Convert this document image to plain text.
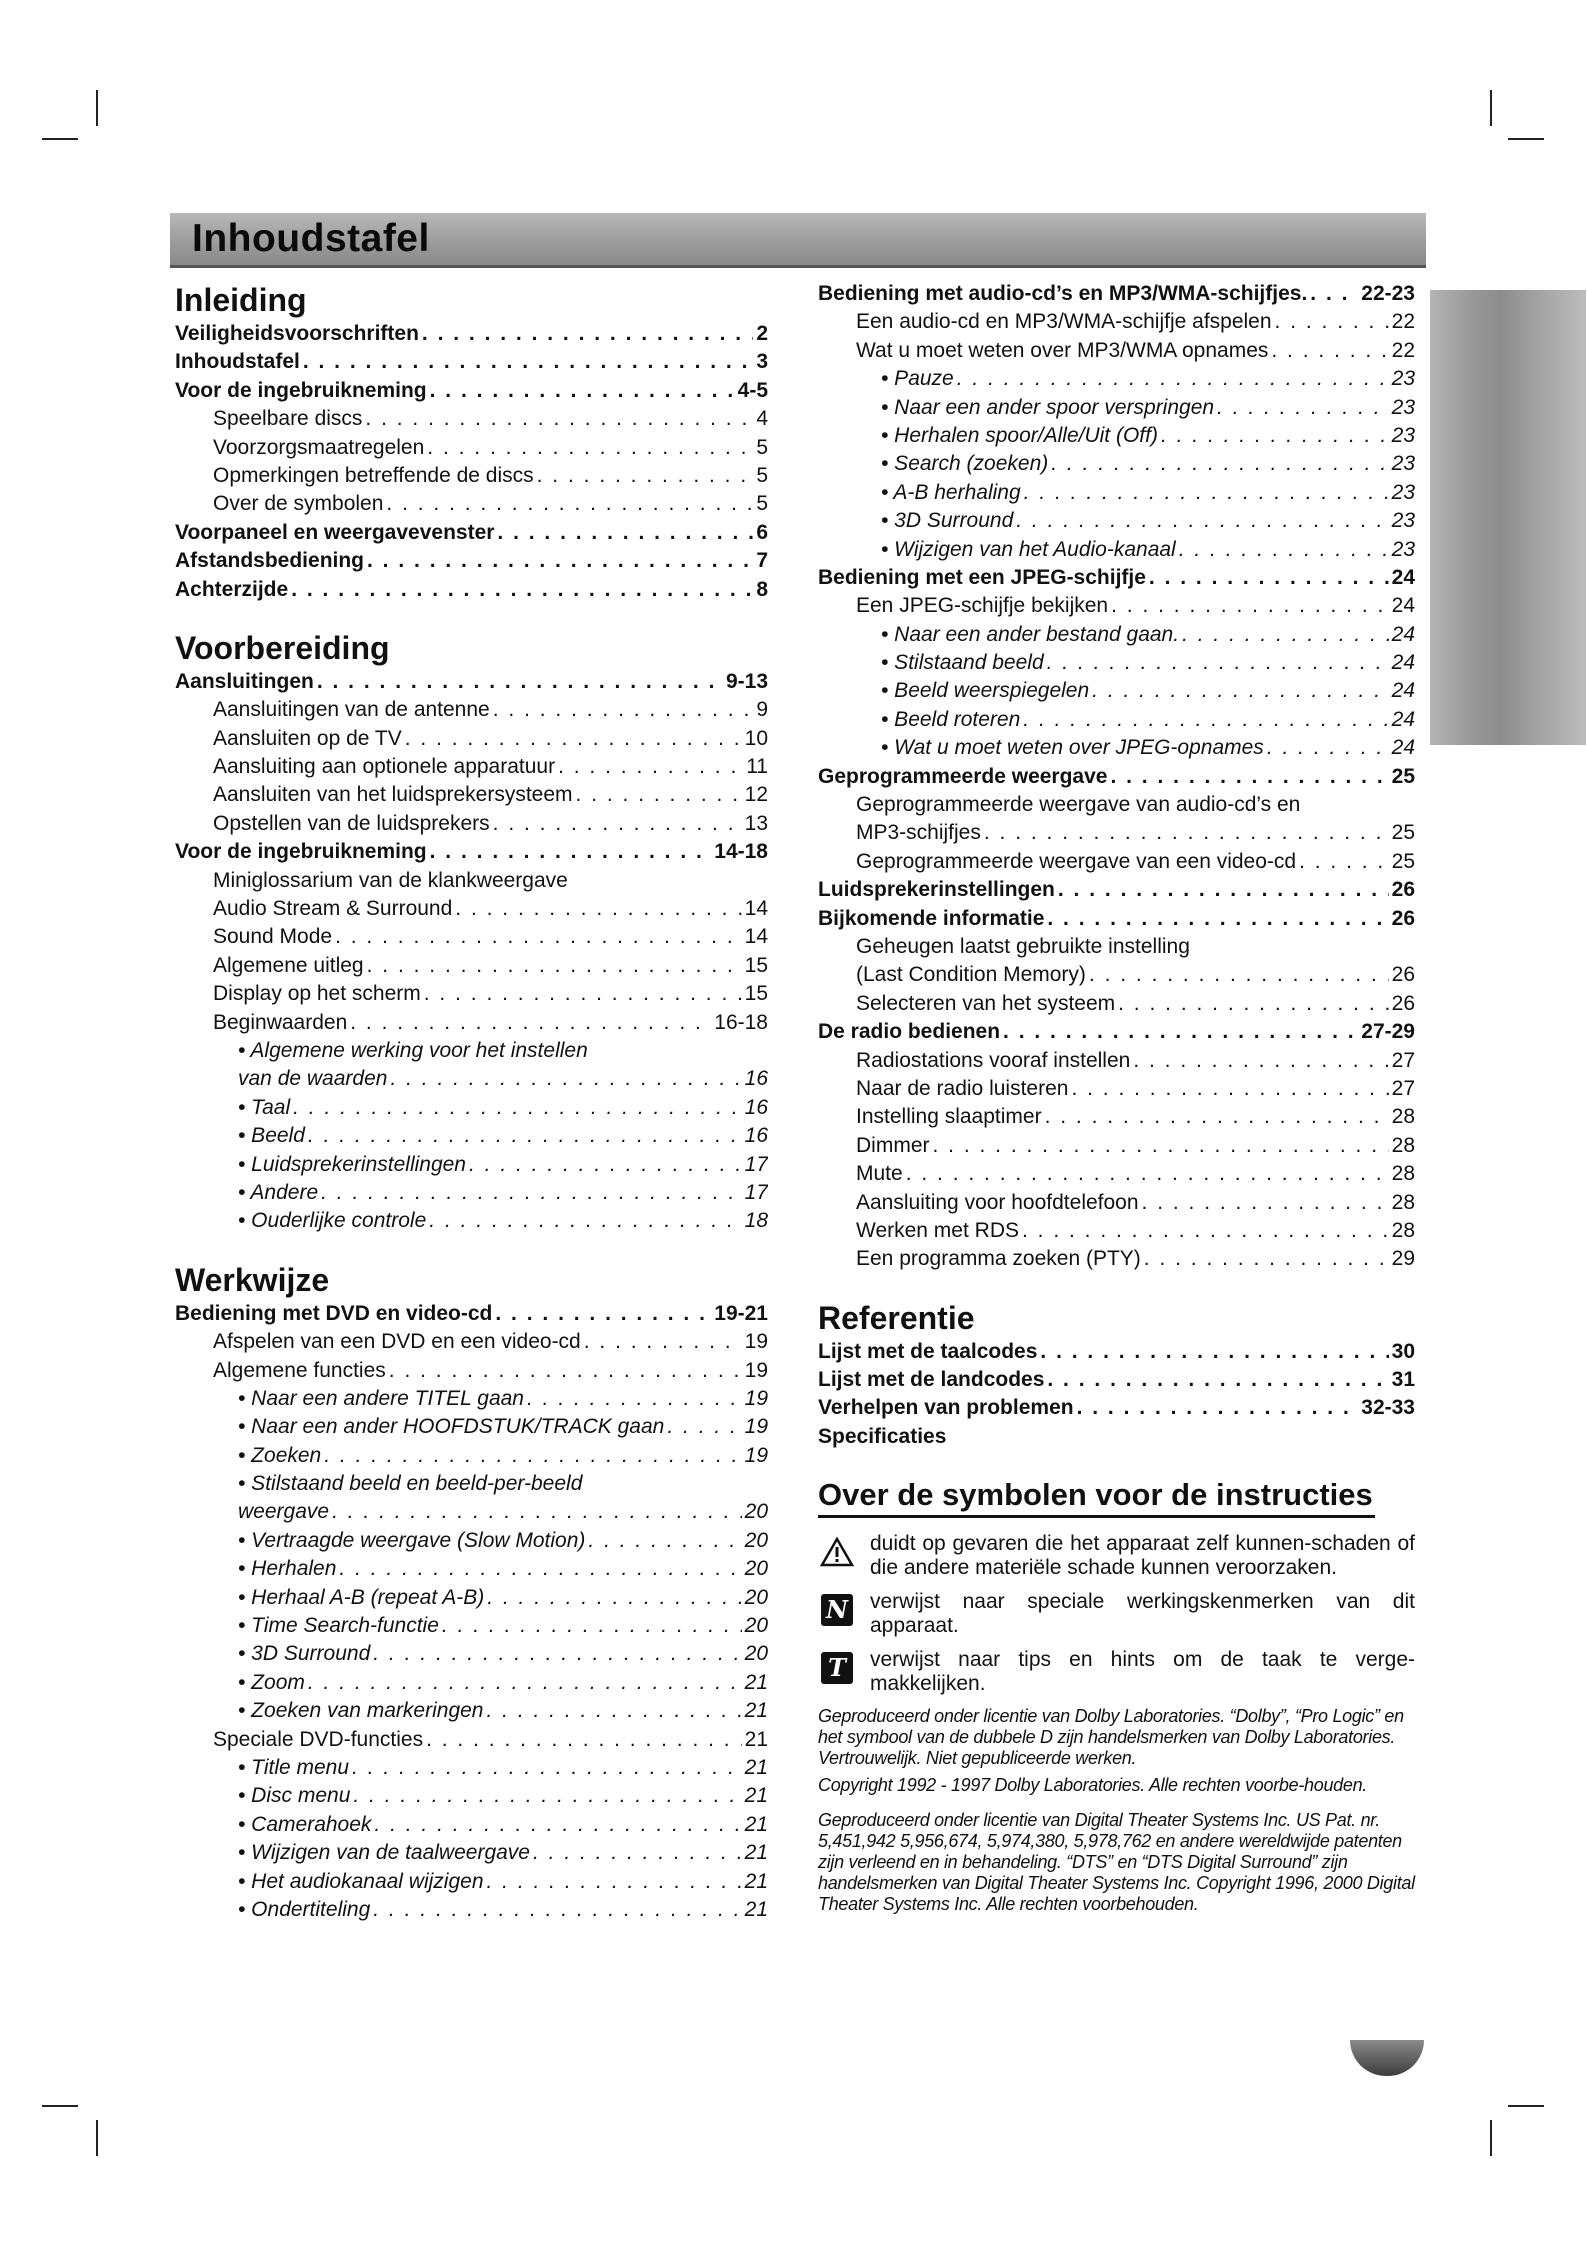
Inhoudstafel
Inleiding
Veiligheidsvoorschriften . . .	2
Inhoudstafel . . .	3
Voor de ingebruikneming . . .	4-5
Speelbare discs . . .	4
Voorzorgsmaatregelen . . .	5
Opmerkingen betreffende de discs . . .	5
Over de symbolen . . .	5
Voorpaneel en weergavevenster . . .	6
Afstandsbediening . . .	7
Achterzijde . . .	8
Voorbereiding
Aansluitingen . . .	9-13
Aansluitingen van de antenne . . .	9
Aansluiten op de TV . . .	10
Aansluiting aan optionele apparatuur . . .	11
Aansluiten van het luidsprekersysteem . . .	12
Opstellen van de luidsprekers . . .	13
Voor de ingebruikneming . . .	14-18
Miniglossarium van de klankweergave
Audio Stream & Surround . . .	14
Sound Mode . . .	14
Algemene uitleg . . .	15
Display op het scherm . . .	15
Beginwaarden . . .	16-18
• Algemene werking voor het instellen
van de waarden . . .	16
• Taal . . .	16
• Beeld . . .	16
• Luidsprekerinstellingen . . .	17
• Andere . . .	17
• Ouderlijke controle . . .	18
Werkwijze
Bediening met DVD en video-cd . . .	19-21
Afspelen van een DVD en een video-cd . . .	19
Algemene functies . . .	19
• Naar een andere TITEL gaan . . .	19
• Naar een ander HOOFDSTUK/TRACK gaan . . .	19
• Zoeken . . .	19
• Stilstaand beeld en beeld-per-beeld
weergave . . .	20
• Vertraagde weergave (Slow Motion) . . .	20
• Herhalen . . .	20
• Herhaal A-B (repeat A-B) . . .	20
• Time Search-functie . . .	20
• 3D Surround . . .	20
• Zoom . . .	21
• Zoeken van markeringen . . .	21
Speciale DVD-functies . . .	21
• Title menu . . .	21
• Disc menu . . .	21
• Camerahoek . . .	21
• Wijzigen van de taalweergave . . .	21
• Het audiokanaal wijzigen . . .	21
• Ondertiteling . . .	21
Bediening met audio-cd’s en MP3/WMA-schijfjes. . . .	22-23
Een audio-cd en MP3/WMA-schijfje afspelen . . .	22
Wat u moet weten over MP3/WMA opnames . . .	22
• Pauze . . .	23
• Naar een ander spoor verspringen . . .	23
• Herhalen spoor/Alle/Uit (Off) . . .	23
• Search (zoeken) . . .	23
• A-B herhaling . . .	23
• 3D Surround . . .	23
• Wijzigen van het Audio-kanaal . . .	23
Bediening met een JPEG-schijfje . . .	24
Een JPEG-schijfje bekijken . . .	24
• Naar een ander bestand gaan. . . .	24
• Stilstaand beeld . . .	24
• Beeld weerspiegelen . . .	24
• Beeld roteren . . .	24
• Wat u moet weten over JPEG-opnames . . .	24
Geprogrammeerde weergave . . .	25
Geprogrammeerde weergave van audio-cd’s en
MP3-schijfjes . . .	25
Geprogrammeerde weergave van een video-cd . . .	25
Luidsprekerinstellingen . . .	26
Bijkomende informatie . . .	26
Geheugen laatst gebruikte instelling
(Last Condition Memory) . . .	26
Selecteren van het systeem . . .	26
De radio bedienen . . .	27-29
Radiostations vooraf instellen . . .	27
Naar de radio luisteren . . .	27
Instelling slaaptimer . . .	28
Dimmer . . .	28
Mute . . .	28
Aansluiting voor hoofdtelefoon . . .	28
Werken met RDS . . .	28
Een programma zoeken (PTY) . . .	29
Referentie
Lijst met de taalcodes . . .	30
Lijst met de landcodes . . .	31
Verhelpen van problemen . . .	32-33
Specificaties
Over de symbolen voor de instructies
duidt op gevaren die het apparaat zelf kunnen-schaden of die andere materiële schade kunnen veroorzaken.
N verwijst naar speciale werkingskenmerken van dit apparaat.
T	verwijst naar tips en hints om de taak te verge-makkelijken.
Geproduceerd onder licentie van Dolby Laboratories. “Dolby”, “Pro Logic” en het symbool van de dubbele D zijn handelsmerken van Dolby Laboratories. Vertrouwelijk. Niet gepubliceerde werken.
Copyright 1992 - 1997 Dolby Laboratories. Alle rechten voorbe-houden.
Geproduceerd onder licentie van Digital Theater Systems Inc. US Pat. nr. 5,451,942 5,956,674, 5,974,380, 5,978,762 en andere wereldwijde patenten zijn verleend en in behandeling. “DTS” en “DTS Digital Surround” zijn handelsmerken van Digital Theater Systems Inc. Copyright 1996, 2000 Digital Theater Systems Inc. Alle rechten voorbehouden.
